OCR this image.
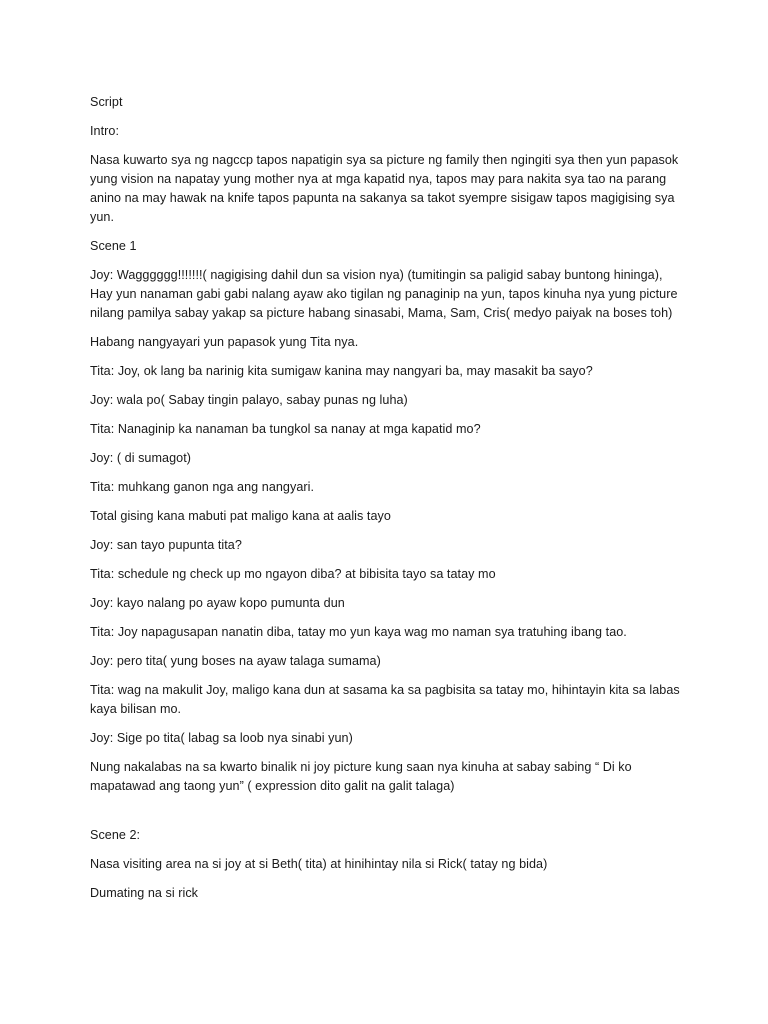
Script

Intro:

Nasa kuwarto sya ng nagccp tapos napatigin sya sa picture ng family then ngingiti sya then yun papasok yung vision na napatay yung mother nya at mga kapatid nya, tapos may para nakita sya tao na parang anino na may hawak na knife tapos papunta na sakanya sa takot syempre sisigaw tapos magigising sya yun.

Scene 1

Joy: Wagggggg!!!!!!!( nagigising dahil dun sa vision nya) (tumitingin sa paligid sabay buntong hininga), Hay yun nanaman gabi gabi nalang ayaw ako tigilan ng panaginip na yun, tapos kinuha nya yung picture nilang pamilya sabay yakap sa picture habang sinasabi, Mama, Sam, Cris( medyo paiyak na boses toh)

Habang nangyayari yun papasok yung Tita nya.

Tita: Joy, ok lang ba narinig kita sumigaw kanina may nangyari ba, may masakit ba sayo?

Joy: wala po( Sabay tingin palayo, sabay punas ng luha)

Tita: Nanaginip ka nanaman ba tungkol sa nanay at mga kapatid mo?

Joy: ( di sumagot)

Tita: muhkang ganon nga ang nangyari.

Total gising kana mabuti pat maligo kana at aalis tayo

Joy: san tayo pupunta tita?

Tita: schedule ng check up mo ngayon diba? at bibisita tayo sa tatay mo

Joy: kayo nalang po ayaw kopo pumunta dun

Tita: Joy napagusapan nanatin diba, tatay mo yun kaya wag mo naman sya tratuhing ibang tao.

Joy: pero tita( yung boses na ayaw talaga sumama)

Tita: wag na makulit Joy, maligo kana dun at sasama ka sa pagbisita sa tatay mo, hihintayin kita sa labas kaya bilisan mo.

Joy: Sige po tita( labag sa loob nya sinabi yun)

Nung nakalabas na sa kwarto binalik ni joy picture kung saan nya kinuha at sabay sabing “ Di ko mapatawad ang taong yun” ( expression dito galit na galit talaga)

Scene 2:

Nasa visiting area na si joy at si Beth( tita) at hinihintay nila si Rick( tatay ng bida)

Dumating na si rick
